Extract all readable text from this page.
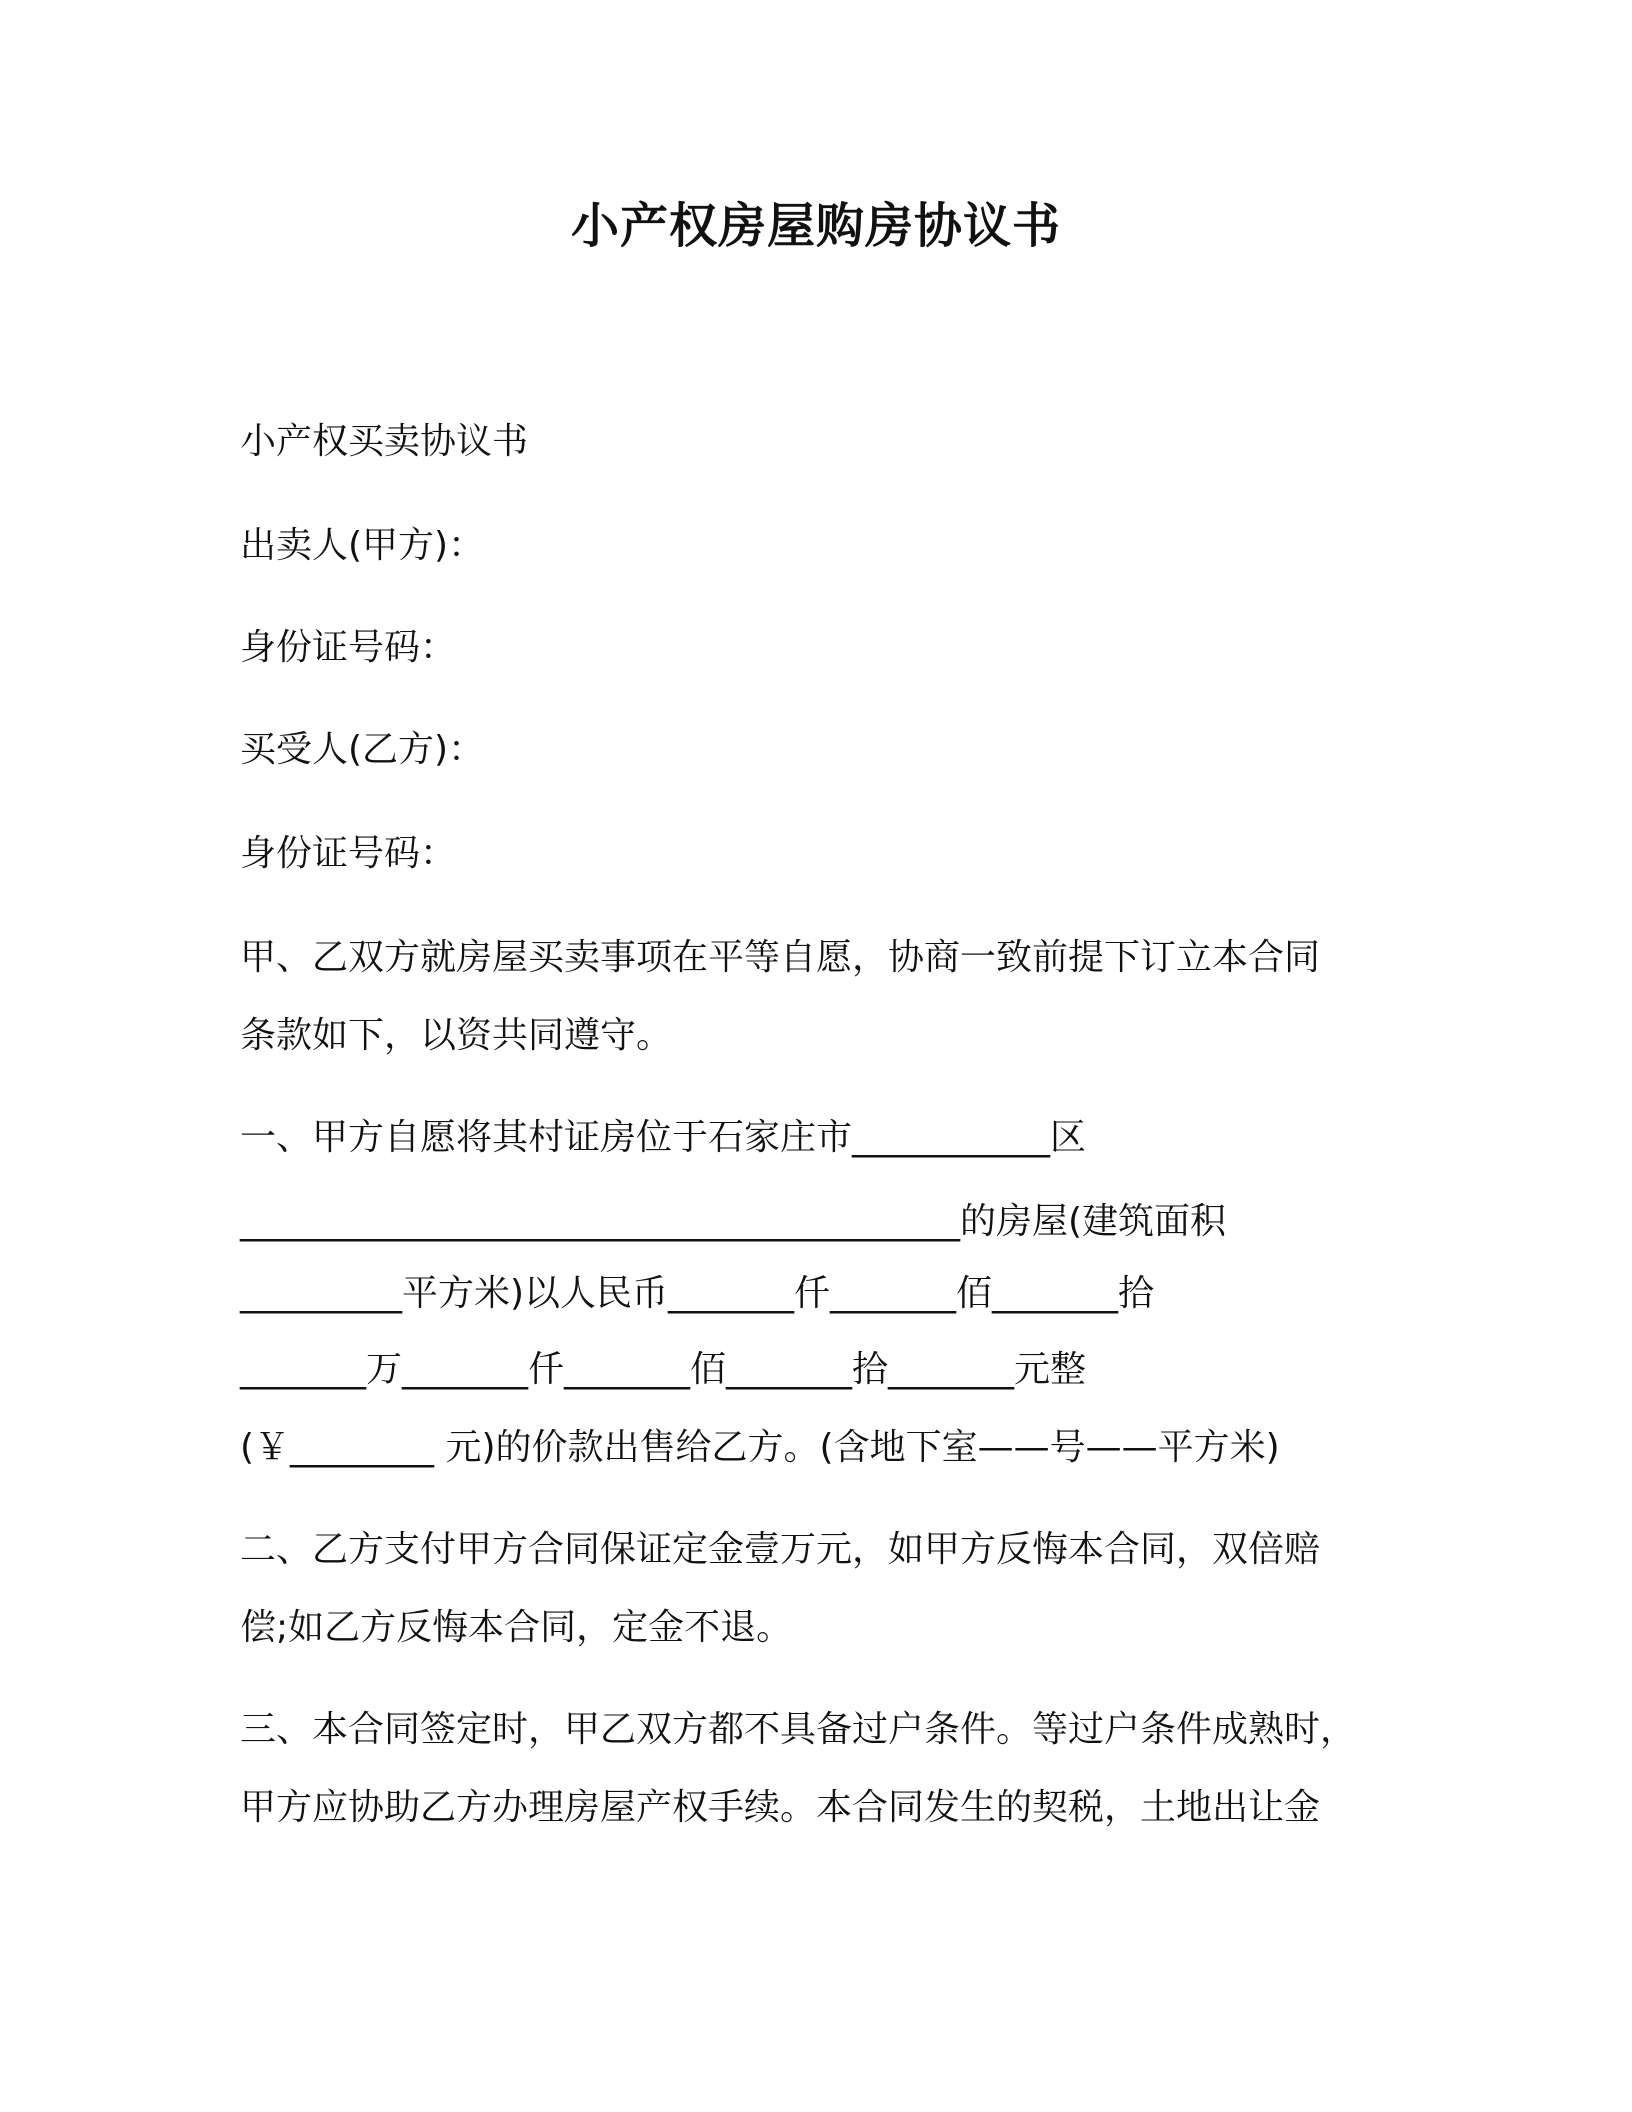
小产权房屋购房协议书
小产权买卖协议书
出卖人(甲方)：
身份证号码：
买受人(乙方)：
身份证号码：
甲、乙双方就房屋买卖事项在平等自愿，协商一致前提下订立本合同
条款如下，以资共同遵守。
一、甲方自愿将其村证房位于石家庄市___________区
________________________________________的房屋(建筑面积
_________平方米)以人民币_______仟_______佰_______拾
_______万_______仟_______佰_______拾_______元整
(￥________ 元)的价款出售给乙方。(含地下室——号——平方米)
二、乙方支付甲方合同保证定金壹万元，如甲方反悔本合同，双倍赔
偿;如乙方反悔本合同，定金不退。
三、本合同签定时，甲乙双方都不具备过户条件。等过户条件成熟时，
甲方应协助乙方办理房屋产权手续。本合同发生的契税，土地出让金
